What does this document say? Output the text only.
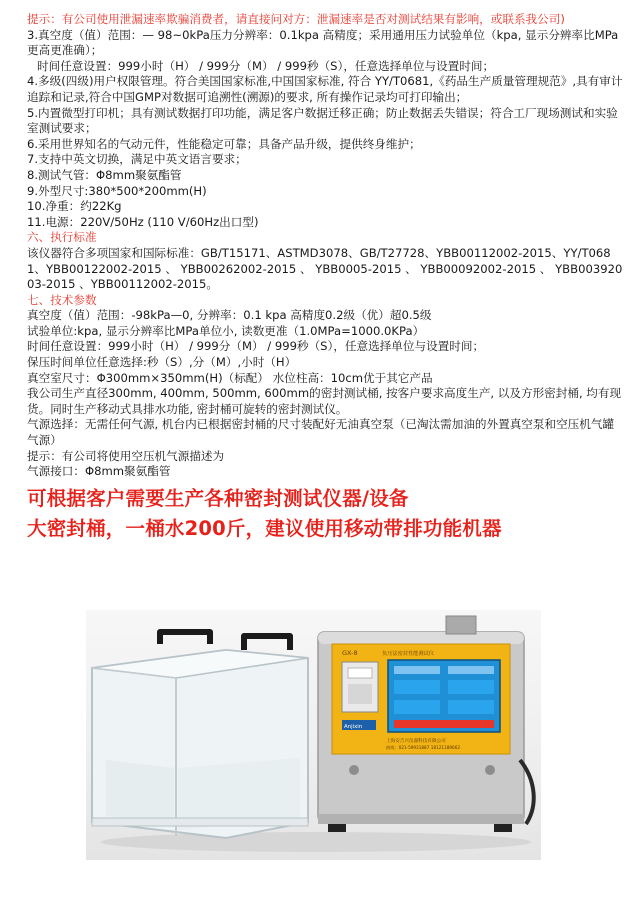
提示：有公司使用泄漏速率欺骗消费者，请直接问对方：泄漏速率是否对测试结果有影响，或联系我公司)

3.真空度（值）范围：— 98~0kPa压力分辨率：0.1kpa 高精度；采用通用压力试验单位（kpa, 显示分辨率比MPa更高更准确）；

时间任意设置：999小时（H） / 999分（M） / 999秒（S），任意选择单位与设置时间；

4.多级(四级)用户权限管理。符合美国国家标准,中国国家标准, 符合 YY/T0681,《药品生产质量管理规范》,具有审计追踪和记录,符合中国GMP对数据可追溯性(溯源)的要求, 所有操作记录均可打印输出；

5.内置微型打印机；具有测试数据打印功能，满足客户数据迁移正确；防止数据丢失错误；符合工厂现场测试和实验室测试要求；

6.采用世界知名的气动元件，性能稳定可靠；具备产品升级，提供终身维护；

7.支持中英文切换，满足中英文语言要求；

8.测试气管：Φ8mm聚氨酯管

9.外型尺寸:380*500*200mm(H)

10.净重：约22Kg

11.电源：220V/50Hz (110 V/60Hz出口型)

六、执行标准

该仪器符合多项国家和国际标准：GB/T15171、ASTMD3078、GB/T27728、YBB00112002-2015、YY/T0681、YBB00122002-2015 、 YBB00262002-2015 、 YBB0005-2015 、 YBB00092002-2015 、 YBB00392003-2015 、YBB00112002-2015。

七、技术参数

真空度（值）范围：-98kPa—0, 分辨率：0.1 kpa 高精度0.2级（优）超0.5级

试验单位:kpa, 显示分辨率比MPa单位小, 读数更准（1.0MPa=1000.0KPa）

时间任意设置：999小时（H） / 999分（M） / 999秒（S），任意选择单位与设置时间；

保压时间单位任意选择:秒（S）,分（M）,小时（H）

真空室尺寸：Φ300mm×350mm(H)（标配） 水位柱高：10cm优于其它产品

我公司生产直径300mm, 400mm, 500mm, 600mm的密封测试桶, 按客户要求高度生产, 以及方形密封桶, 均有现货。同时生产移动式具排水功能, 密封桶可旋转的密封测试仪。

气源选择：无需任何气源, 机台内已根据密封桶的尺寸装配好无油真空泵（已淘汰需加油的外置真空泵和空压机气罐气源）

提示：有公司将使用空压机气源描述为

气源接口：Φ8mm聚氨酯管

可根据客户需要生产各种密封测试仪器/设备

大密封桶，一桶水200斤，建议使用移动带排功能机器

GX-8	负压法密封性能测试仪
Anjixin
上海安吉兴仪器科技有限公司
热线：021-59931887 18121189662
